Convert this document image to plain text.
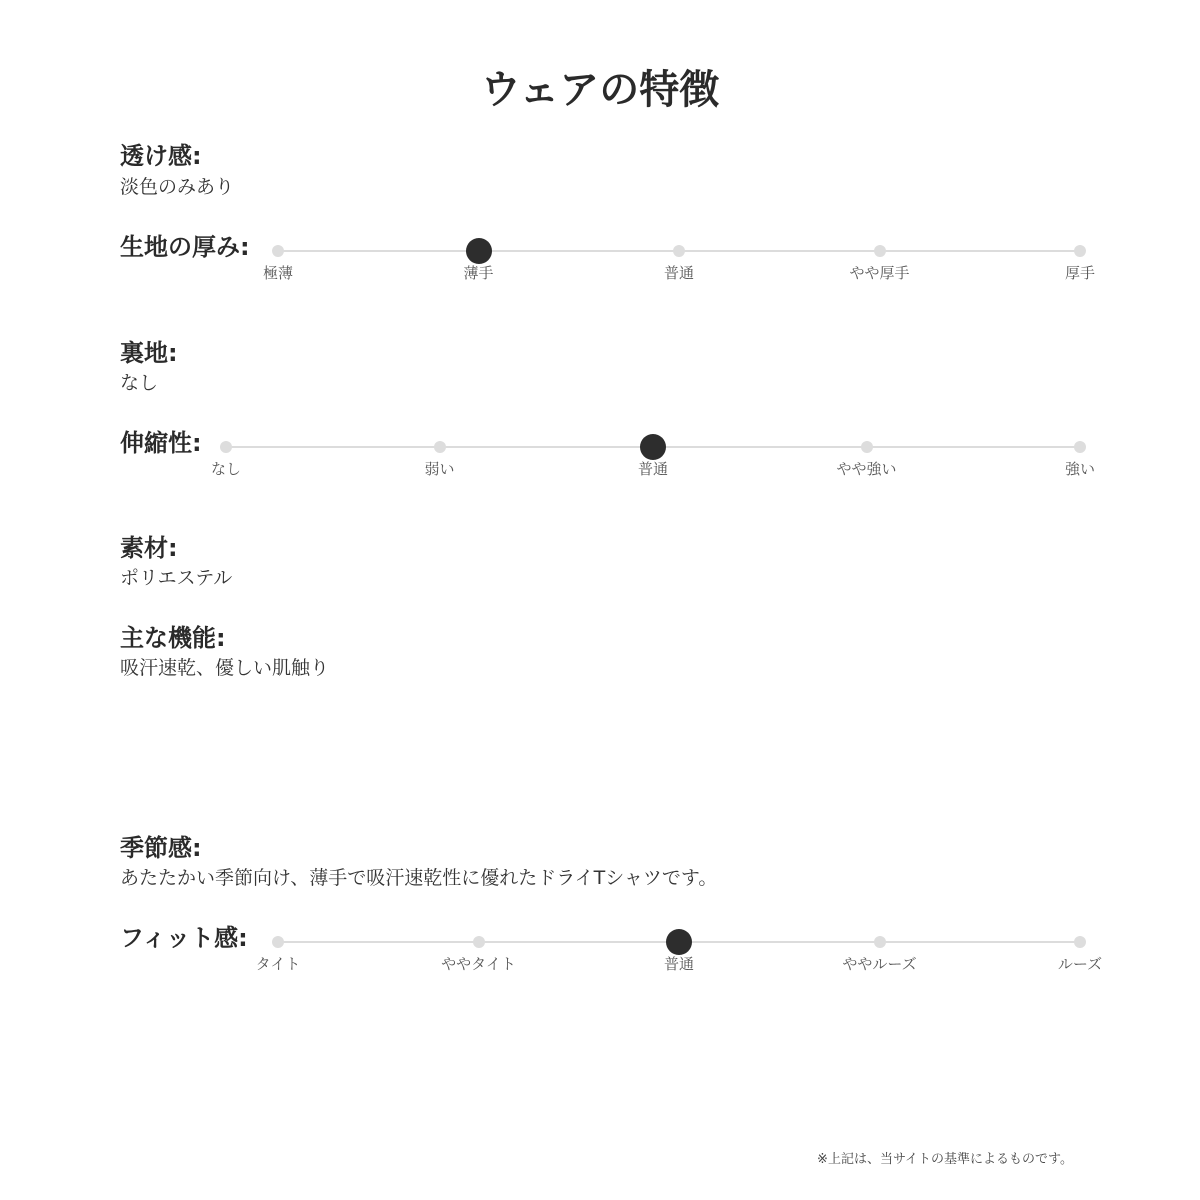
ウェアの特徴
透け感:
淡色のみあり
生地の厚み:
極薄	薄手	普通	やや厚手	厚手
裏地:
なし
伸縮性:
なし	弱い	普通	やや強い	強い
素材:
ポリエステル
主な機能:
吸汗速乾、優しい肌触り
季節感:
あたたかい季節向け、薄手で吸汗速乾性に優れたドライTシャツです。
フィット感:
タイト	ややタイト	普通	ややルーズ	ルーズ
※上記は、当サイトの基準によるものです。
